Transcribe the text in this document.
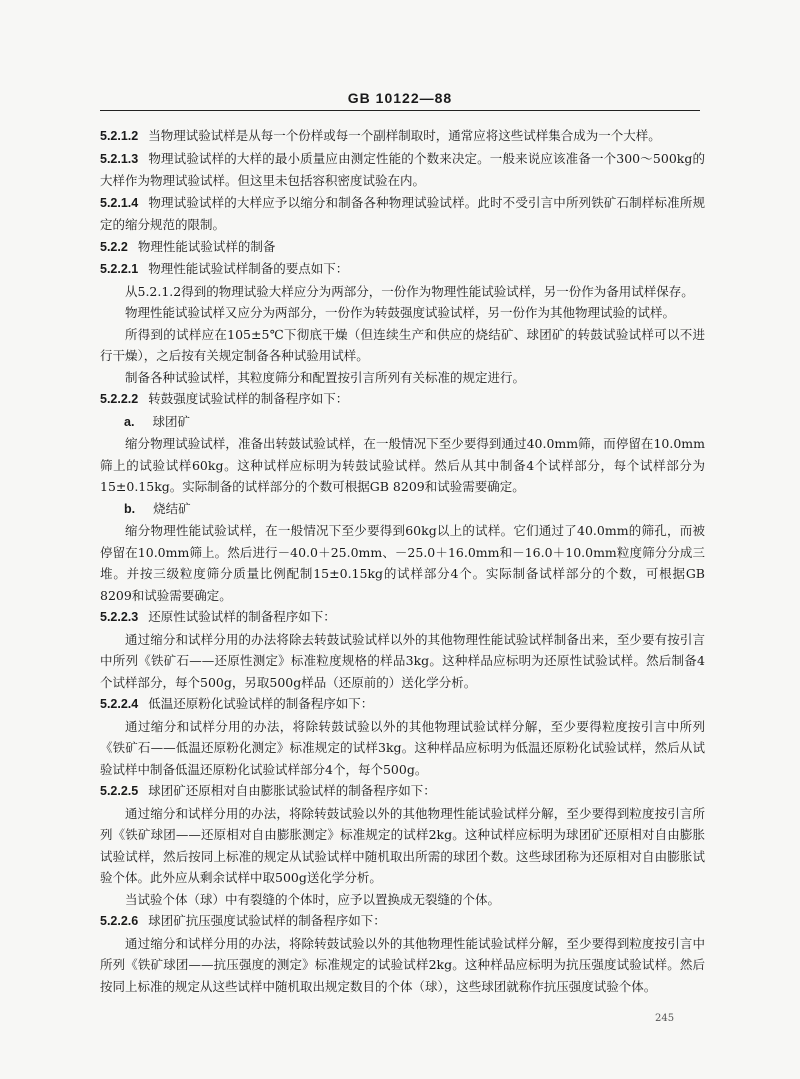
GB 10122—88

5.2.1.2 当物理试验试样是从每一个份样或每一个副样制取时，通常应将这些试样集合成为一个大样。

5.2.1.3 物理试验试样的大样的最小质量应由测定性能的个数来决定。一般来说应该准备一个300～500kg的大样作为物理试验试样。但这里未包括容积密度试验在内。

5.2.1.4 物理试验试样的大样应予以缩分和制备各种物理试验试样。此时不受引言中所列铁矿石制样标准所规定的缩分规范的限制。

5.2.2 物理性能试验试样的制备

5.2.2.1 物理性能试验试样制备的要点如下：

从5.2.1.2得到的物理试验大样应分为两部分，一份作为物理性能试验试样，另一份作为备用试样保存。

物理性能试验试样又应分为两部分，一份作为转鼓强度试验试样，另一份作为其他物理试验的试样。

所得到的试样应在105±5℃下彻底干燥（但连续生产和供应的烧结矿、球团矿的转鼓试验试样可以不进行干燥），之后按有关规定制备各种试验用试样。

制备各种试验试样，其粒度筛分和配置按引言所列有关标准的规定进行。

5.2.2.2 转鼓强度试验试样的制备程序如下：

a. 球团矿

缩分物理试验试样，准备出转鼓试验试样，在一般情况下至少要得到通过40.0mm筛，而停留在10.0mm筛上的试验试样60kg。这种试样应标明为转鼓试验试样。然后从其中制备4个试样部分，每个试样部分为15±0.15kg。实际制备的试样部分的个数可根据GB 8209和试验需要确定。

b. 烧结矿

缩分物理性能试验试样，在一般情况下至少要得到60kg以上的试样。它们通过了40.0mm的筛孔，而被停留在10.0mm筛上。然后进行－40.0＋25.0mm、－25.0＋16.0mm和－16.0＋10.0mm粒度筛分分成三堆。并按三级粒度筛分质量比例配制15±0.15kg的试样部分4个。实际制备试样部分的个数，可根据GB 8209和试验需要确定。

5.2.2.3 还原性试验试样的制备程序如下：

通过缩分和试样分用的办法将除去转鼓试验试样以外的其他物理性能试验试样制备出来，至少要有按引言中所列《铁矿石——还原性测定》标准粒度规格的样品3kg。这种样品应标明为还原性试验试样。然后制备4个试样部分，每个500g，另取500g样品（还原前的）送化学分析。

5.2.2.4 低温还原粉化试验试样的制备程序如下：

通过缩分和试样分用的办法，将除转鼓试验以外的其他物理试验试样分解，至少要得粒度按引言中所列《铁矿石——低温还原粉化测定》标准规定的试样3kg。这种样品应标明为低温还原粉化试验试样，然后从试验试样中制备低温还原粉化试验试样部分4个，每个500g。

5.2.2.5 球团矿还原相对自由膨胀试验试样的制备程序如下：

通过缩分和试样分用的办法，将除转鼓试验以外的其他物理性能试验试样分解，至少要得到粒度按引言所列《铁矿球团——还原相对自由膨胀测定》标准规定的试样2kg。这种试样应标明为球团矿还原相对自由膨胀试验试样，然后按同上标准的规定从试验试样中随机取出所需的球团个数。这些球团称为还原相对自由膨胀试验个体。此外应从剩余试样中取500g送化学分析。

当试验个体（球）中有裂缝的个体时，应予以置换成无裂缝的个体。

5.2.2.6 球团矿抗压强度试验试样的制备程序如下：

通过缩分和试样分用的办法，将除转鼓试验以外的其他物理性能试验试样分解，至少要得到粒度按引言中所列《铁矿球团——抗压强度的测定》标准规定的试验试样2kg。这种样品应标明为抗压强度试验试样。然后按同上标准的规定从这些试样中随机取出规定数目的个体（球），这些球团就称作抗压强度试验个体。

245
